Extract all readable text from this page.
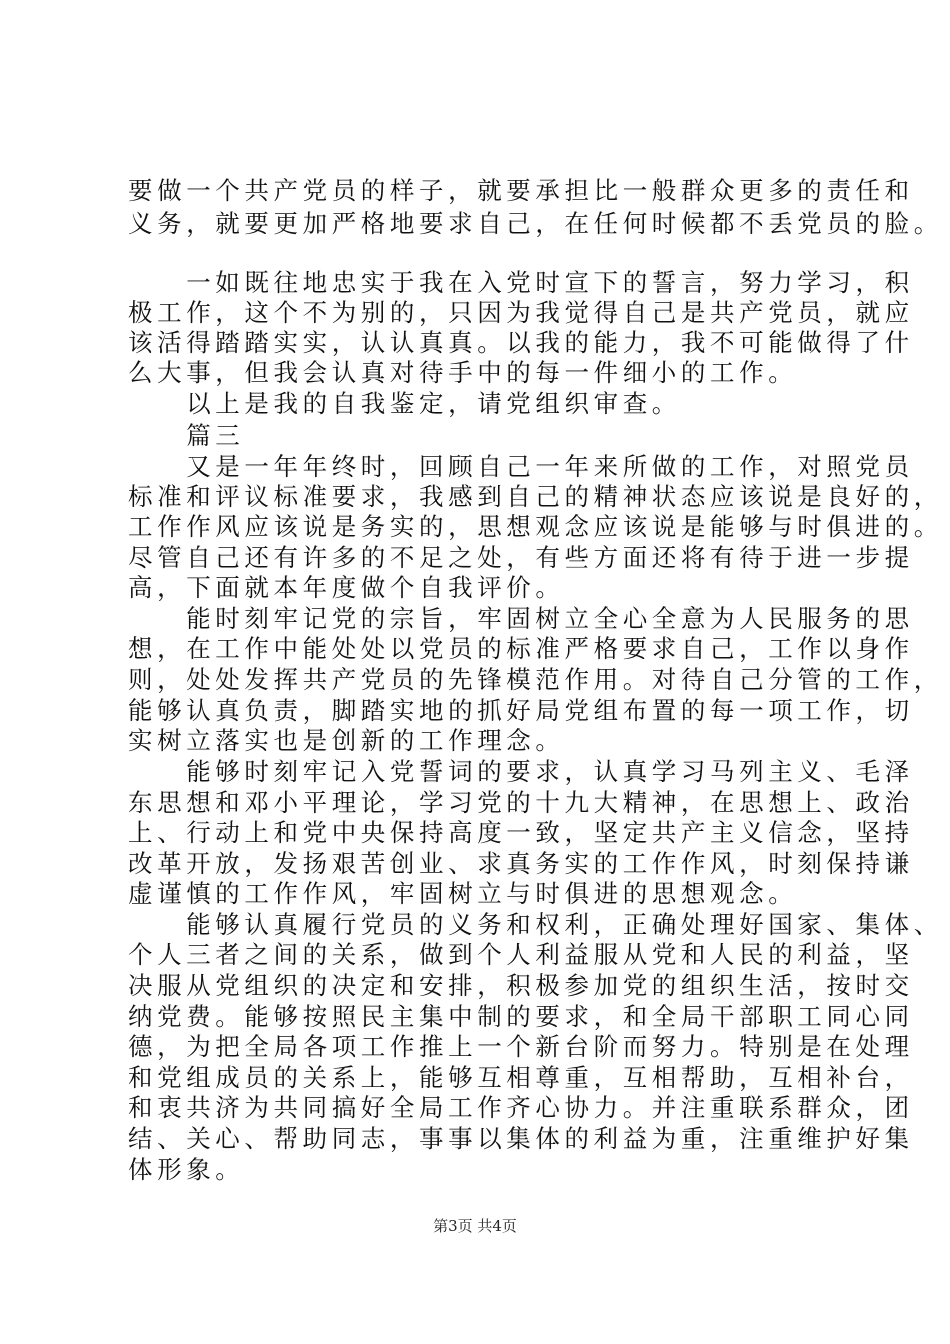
要做一个共产党员的样子，就要承担比一般群众更多的责任和
义务，就要更加严格地要求自己，在任何时候都不丢党员的脸。
　　一如既往地忠实于我在入党时宣下的誓言，努力学习，积
极工作，这个不为别的，只因为我觉得自己是共产党员，就应
该活得踏踏实实，认认真真。以我的能力，我不可能做得了什
么大事，但我会认真对待手中的每一件细小的工作。
　　以上是我的自我鉴定，请党组织审查。
　　篇三
　　又是一年年终时，回顾自己一年来所做的工作，对照党员
标准和评议标准要求，我感到自己的精神状态应该说是良好的，
工作作风应该说是务实的，思想观念应该说是能够与时俱进的。
尽管自己还有许多的不足之处，有些方面还将有待于进一步提
高，下面就本年度做个自我评价。
　　能时刻牢记党的宗旨，牢固树立全心全意为人民服务的思
想，在工作中能处处以党员的标准严格要求自己，工作以身作
则，处处发挥共产党员的先锋模范作用。对待自己分管的工作，
能够认真负责，脚踏实地的抓好局党组布置的每一项工作，切
实树立落实也是创新的工作理念。
　　能够时刻牢记入党誓词的要求，认真学习马列主义、毛泽
东思想和邓小平理论，学习党的十九大精神，在思想上、政治
上、行动上和党中央保持高度一致，坚定共产主义信念，坚持
改革开放，发扬艰苦创业、求真务实的工作作风，时刻保持谦
虚谨慎的工作作风，牢固树立与时俱进的思想观念。
　　能够认真履行党员的义务和权利，正确处理好国家、集体、
个人三者之间的关系，做到个人利益服从党和人民的利益，坚
决服从党组织的决定和安排，积极参加党的组织生活，按时交
纳党费。能够按照民主集中制的要求，和全局干部职工同心同
德，为把全局各项工作推上一个新台阶而努力。特别是在处理
和党组成员的关系上，能够互相尊重，互相帮助，互相补台，
和衷共济为共同搞好全局工作齐心协力。并注重联系群众，团
结、关心、帮助同志，事事以集体的利益为重，注重维护好集
体形象。
第3页 共4页
